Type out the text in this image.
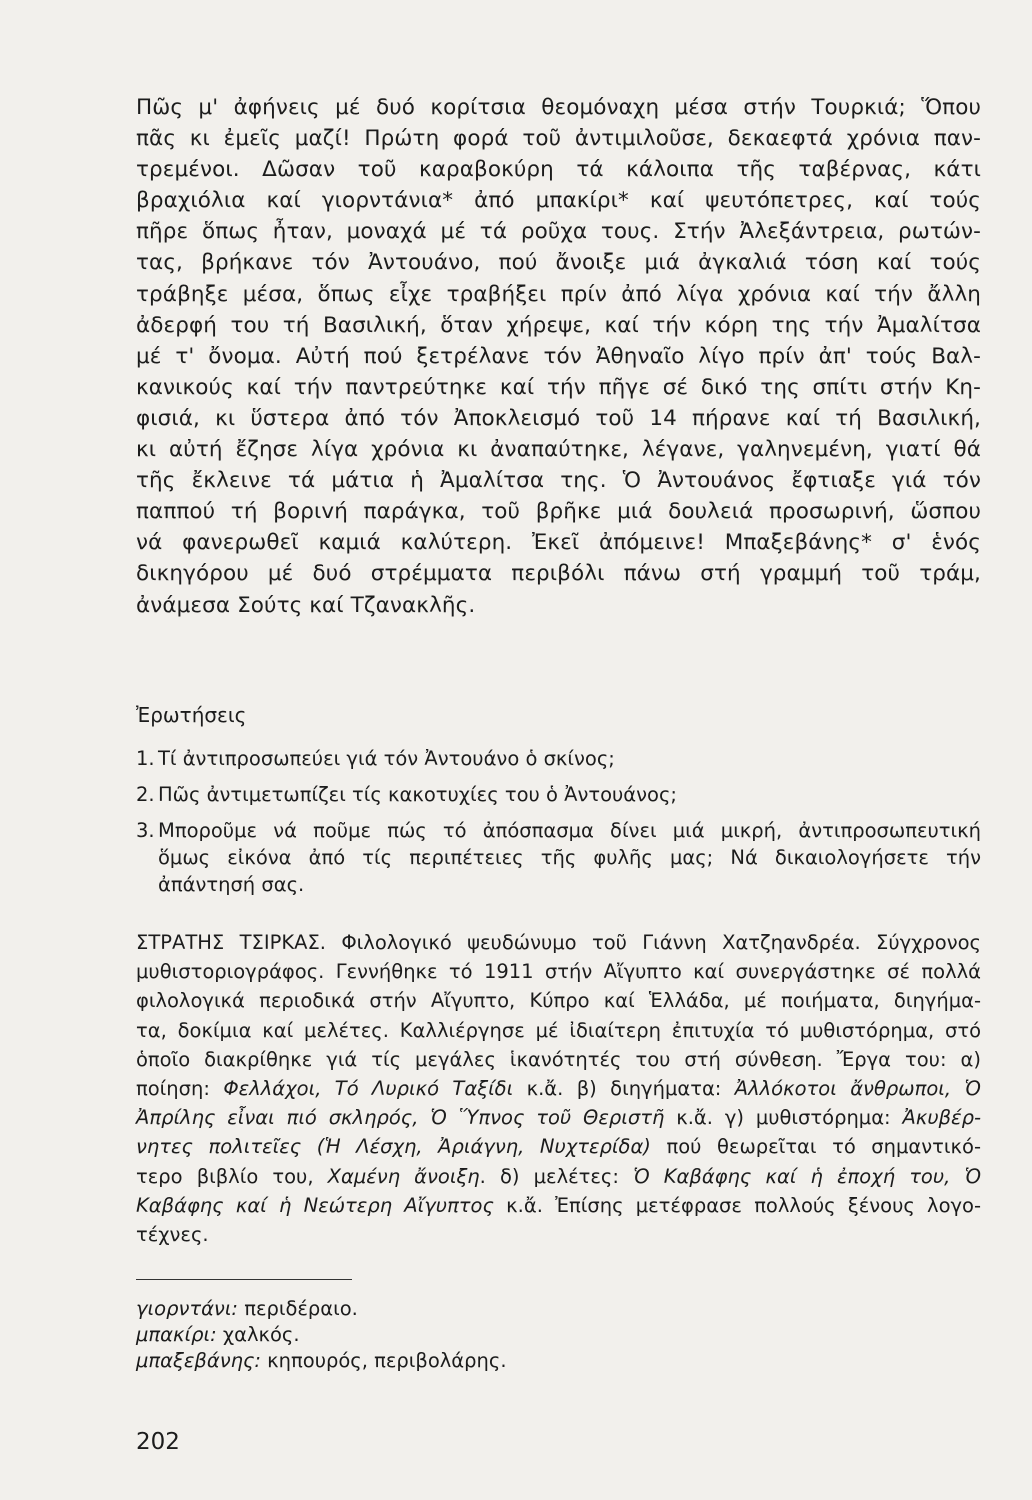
Πῶς μ' ἀφήνεις μέ δυό κορίτσια θεομόναχη μέσα στήν Τουρκιά; Ὅπου
πᾶς κι ἐμεῖς μαζί! Πρώτη φορά τοῦ ἀντιμιλοῦσε, δεκαεφτά χρόνια παν-
τρεμένοι. Δῶσαν τοῦ καραβοκύρη τά κάλοιπα τῆς ταβέρνας, κάτι
βραχιόλια καί γιορντάνια* ἀπό μπακίρι* καί ψευτόπετρες, καί τούς
πῆρε ὅπως ἦταν, μοναχά μέ τά ροῦχα τους. Στήν Ἀλεξάντρεια, ρωτών-
τας, βρήκανε τόν Ἀντουάνο, πού ἄνοιξε μιά ἀγκαλιά τόση καί τούς
τράβηξε μέσα, ὅπως εἶχε τραβήξει πρίν ἀπό λίγα χρόνια καί τήν ἄλλη
ἀδερφή του τή Βασιλική, ὅταν χήρεψε, καί τήν κόρη της τήν Ἀμαλίτσα
μέ τ' ὄνομα. Αὐτή πού ξετρέλανε τόν Ἀθηναῖο λίγο πρίν ἀπ' τούς Βαλ-
κανικούς καί τήν παντρεύτηκε καί τήν πῆγε σέ δικό της σπίτι στήν Κη-
φισιά, κι ὕστερα ἀπό τόν Ἀποκλεισμό τοῦ 14 πήρανε καί τή Βασιλική,
κι αὐτή ἔζησε λίγα χρόνια κι ἀναπαύτηκε, λέγανε, γαληνεμένη, γιατί θά
τῆς ἔκλεινε τά μάτια ἡ Ἀμαλίτσα της. Ὁ Ἀντουάνος ἔφτιαξε γιά τόν
παππού τή βοριvή παράγκα, τοῦ βρῆκε μιά δουλειά προσωρινή, ὥσπου
νά φανερωθεῖ καμιά καλύτερη. Ἐκεῖ ἀπόμεινε! Μπαξεβάνης* σ' ἑνός
δικηγόρου μέ δυό στρέμματα περιβόλι πάνω στή γραμμή τοῦ τράμ,
ἀνάμεσα Σούτς καί Τζανακλῆς.
Ἐρωτήσεις
1. Τί ἀντιπροσωπεύει γιά τόν Ἀντουάνο ὁ σκίνος;
2. Πῶς ἀντιμετωπίζει τίς κακοτυχίες του ὁ Ἀντουάνος;
3. Μποροῦμε νά ποῦμε πώς τό ἀπόσπασμα δίνει μιά μικρή, ἀντιπροσωπευτική
ὅμως εἰκόνα ἀπό τίς περιπέτειες τῆς φυλῆς μας; Νά δικαιολογήσετε τήν
ἀπάντησή σας.
ΣΤΡΑΤΗΣ ΤΣΙΡΚΑΣ. Φιλολογικό ψευδώνυμο τοῦ Γιάννη Χατζηανδρέα. Σύγχρονος
μυθιστοριογράφος. Γεννήθηκε τό 1911 στήν Αἴγυπτο καί συνεργάστηκε σέ πολλά
φιλολογικά περιοδικά στήν Αἴγυπτο, Κύπρο καί Ἑλλάδα, μέ ποιήματα, διηγήμα-
τα, δοκίμια καί μελέτες. Καλλιέργησε μέ ἰδιαίτερη ἐπιτυχία τό μυθιστόρημα, στό
ὁποῖο διακρίθηκε γιά τίς μεγάλες ἱκανότητές του στή σύνθεση. Ἔργα του: α)
ποίηση: Φελλάχοι, Τό Λυρικό Ταξίδι κ.ἄ. β) διηγήματα: Ἀλλόκοτοι ἄνθρωποι, Ὁ
Ἀπρίλης εἶναι πιό σκληρός, Ὁ Ὕπνος τοῦ Θεριστῆ κ.ἄ. γ) μυθιστόρημα: Ἀκυβέρ-
νητες πολιτεῖες (Ἡ Λέσχη, Ἀριάγνη, Νυχτερίδα) πού θεωρεῖται τό σημαντικό-
τερο βιβλίο του, Χαμένη ἄνοιξη. δ) μελέτες: Ὁ Καβάφης καί ἡ ἐποχή του, Ὁ
Καβάφης καί ἡ Νεώτερη Αἴγυπτος κ.ἄ. Ἐπίσης μετέφρασε πολλούς ξένους λογο-
τέχνες.
γιορντάνι: περιδέραιο.
μπακίρι: χαλκός.
μπαξεβάνης: κηπουρός, περιβολάρης.
202
